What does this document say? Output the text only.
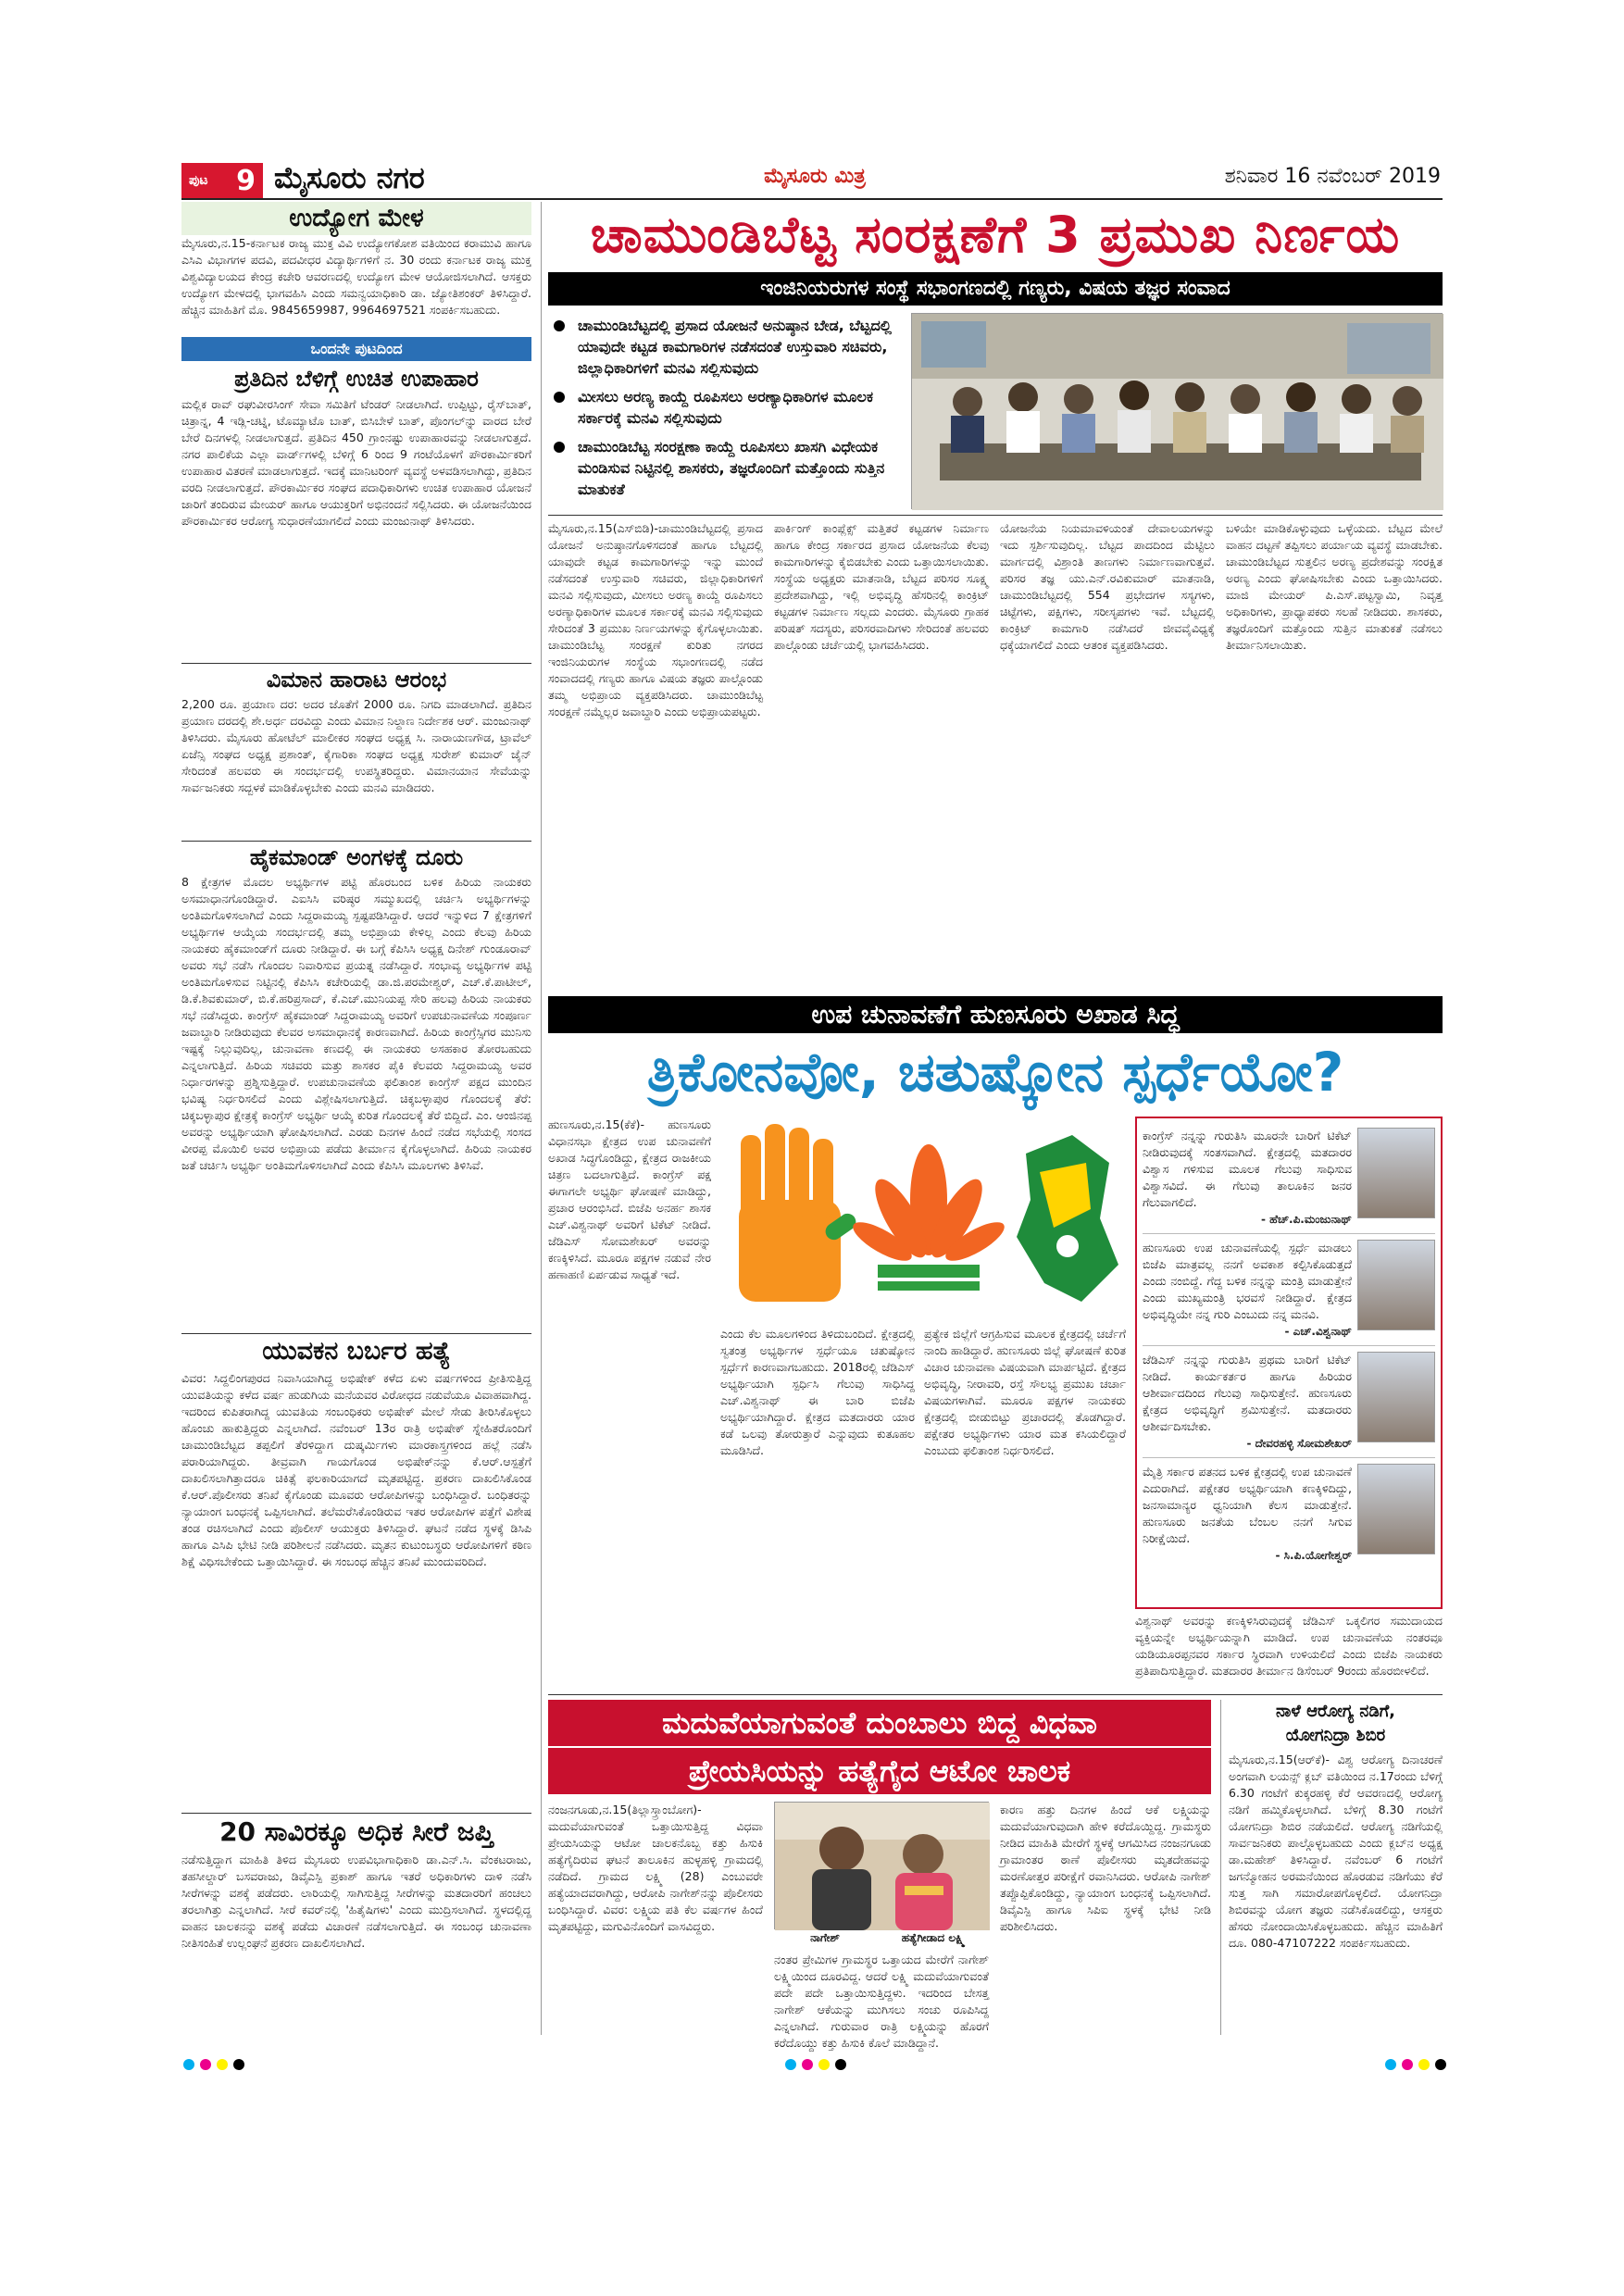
ಪುಟ 9 ಮೈಸೂರು ನಗರ	ಮೈಸೂರು ಮಿತ್ರ	ಶನಿವಾರ 16 ನವೆಂಬರ್ 2019
ಉದ್ಯೋಗ ಮೇಳ
ಮೈಸೂರು,ನ.15-ಕರ್ನಾಟಕ ರಾಜ್ಯ ಮುಕ್ತ ವಿವಿ ಉದ್ಯೋಗಕೋಶ ವತಿಯಿಂದ ಕರಾಮುವಿ ಹಾಗೂ ಎಸಿಎ ವಿಭಾಗಗಳ ಪದವಿ, ಪದವೀಧರ ವಿದ್ಯಾರ್ಥಿಗಳಿಗೆ ನ. 30 ರಂದು ಕರ್ನಾಟಕ ರಾಜ್ಯ ಮುಕ್ತ ವಿಶ್ವವಿದ್ಯಾಲಯದ ಕೇಂದ್ರ ಕಚೇರಿ ಆವರಣದಲ್ಲಿ ಉದ್ಯೋಗ ಮೇಳ ಆಯೋಜಿಸಲಾಗಿದೆ. ಆಸಕ್ತರು ಉದ್ಯೋಗ ಮೇಳದಲ್ಲಿ ಭಾಗವಹಿಸಿ ಎಂದು ಸಮನ್ವಯಾಧಿಕಾರಿ ಡಾ. ಜ್ಯೋತಿಶಂಕರ್ ತಿಳಿಸಿದ್ದಾರೆ. ಹೆಚ್ಚಿನ ಮಾಹಿತಿಗೆ ಮೊ. 9845659987, 9964697521 ಸಂಪರ್ಕಿಸಬಹುದು.
ಒಂದನೇ ಪುಟದಿಂದ
ಪ್ರತಿದಿನ ಬೆಳಿಗ್ಗೆ ಉಚಿತ ಉಪಾಹಾರ
ಮಲ್ಲಿಕ ರಾವ್ ರಘುವೀರಸಿಂಗ್ ಸೇವಾ ಸಮಿತಿಗೆ ಟೆಂಡರ್ ನೀಡಲಾಗಿದೆ. ಉಪ್ಪಿಟ್ಟು, ರೈಸ್‌ಬಾತ್, ಚಿತ್ರಾನ್ನ, 4 ಇಡ್ಲಿ-ಚಟ್ನಿ, ಟೊಮ್ಯಾಟೊ ಬಾತ್, ಬಿಸಿಬೇಳೆ ಬಾತ್, ಪೊಂಗಲ್‌ನ್ನು ವಾರದ ಬೇರೆ ಬೇರೆ ದಿನಗಳಲ್ಲಿ ನೀಡಲಾಗುತ್ತದೆ. ಪ್ರತಿದಿನ 450 ಗ್ರಾಂನಷ್ಟು ಉಪಾಹಾರವನ್ನು ನೀಡಲಾಗುತ್ತದೆ. ನಗರ ಪಾಲಿಕೆಯ ಎಲ್ಲಾ ವಾರ್ಡ್‌ಗಳಲ್ಲಿ ಬೆಳಿಗ್ಗೆ 6 ರಿಂದ 9 ಗಂಟೆಯೊಳಗೆ ಪೌರಕಾರ್ಮಿಕರಿಗೆ ಉಪಾಹಾರ ವಿತರಣೆ ಮಾಡಲಾಗುತ್ತದೆ. ಇದಕ್ಕೆ ಮಾನಿಟರಿಂಗ್ ವ್ಯವಸ್ಥೆ ಅಳವಡಿಸಲಾಗಿದ್ದು, ಪ್ರತಿದಿನ ವರದಿ ನೀಡಲಾಗುತ್ತದೆ. ಪೌರಕಾರ್ಮಿಕರ ಸಂಘದ ಪದಾಧಿಕಾರಿಗಳು ಉಚಿತ ಉಪಾಹಾರ ಯೋಜನೆ ಜಾರಿಗೆ ತಂದಿರುವ ಮೇಯರ್ ಹಾಗೂ ಆಯುಕ್ತರಿಗೆ ಅಭಿನಂದನೆ ಸಲ್ಲಿಸಿದರು. ಈ ಯೋಜನೆಯಿಂದ ಪೌರಕಾರ್ಮಿಕರ ಆರೋಗ್ಯ ಸುಧಾರಣೆಯಾಗಲಿದೆ ಎಂದು ಮಂಜುನಾಥ್ ತಿಳಿಸಿದರು.
ವಿಮಾನ ಹಾರಾಟ ಆರಂಭ
2,200 ರೂ. ಪ್ರಯಾಣ ದರ: ಅದರ ಜೊತೆಗೆ 2000 ರೂ. ನಿಗದಿ ಮಾಡಲಾಗಿದೆ. ಪ್ರತಿದಿನ ಪ್ರಯಾಣ ದರದಲ್ಲಿ ಶೇ.ಅರ್ಧ ದರವಿದ್ದು ಎಂದು ವಿಮಾನ ನಿಲ್ದಾಣ ನಿರ್ದೇಶಕ ಆರ್. ಮಂಜುನಾಥ್ ತಿಳಿಸಿದರು. ಮೈಸೂರು ಹೋಟೆಲ್ ಮಾಲೀಕರ ಸಂಘದ ಅಧ್ಯಕ್ಷ ಸಿ. ನಾರಾಯಣಗೌಡ, ಟ್ರಾವೆಲ್ ಏಜೆನ್ಸಿ ಸಂಘದ ಅಧ್ಯಕ್ಷ ಪ್ರಶಾಂತ್, ಕೈಗಾರಿಕಾ ಸಂಘದ ಅಧ್ಯಕ್ಷ ಸುರೇಶ್ ಕುಮಾರ್ ಜೈನ್ ಸೇರಿದಂತೆ ಹಲವರು ಈ ಸಂದರ್ಭದಲ್ಲಿ ಉಪಸ್ಥಿತರಿದ್ದರು. ವಿಮಾನಯಾನ ಸೇವೆಯನ್ನು ಸಾರ್ವಜನಿಕರು ಸದ್ಬಳಕೆ ಮಾಡಿಕೊಳ್ಳಬೇಕು ಎಂದು ಮನವಿ ಮಾಡಿದರು.
ಹೈಕಮಾಂಡ್ ಅಂಗಳಕ್ಕೆ ದೂರು
8 ಕ್ಷೇತ್ರಗಳ ಮೊದಲ ಅಭ್ಯರ್ಥಿಗಳ ಪಟ್ಟಿ ಹೊರಬಂದ ಬಳಿಕ ಹಿರಿಯ ನಾಯಕರು ಅಸಮಾಧಾನಗೊಂಡಿದ್ದಾರೆ. ಎಐಸಿಸಿ ವರಿಷ್ಠರ ಸಮ್ಮುಖದಲ್ಲಿ ಚರ್ಚಿಸಿ ಅಭ್ಯರ್ಥಿಗಳನ್ನು ಅಂತಿಮಗೊಳಿಸಲಾಗಿದೆ ಎಂದು ಸಿದ್ದರಾಮಯ್ಯ ಸ್ಪಷ್ಟಪಡಿಸಿದ್ದಾರೆ. ಆದರೆ ಇನ್ನುಳಿದ 7 ಕ್ಷೇತ್ರಗಳಿಗೆ ಅಭ್ಯರ್ಥಿಗಳ ಆಯ್ಕೆಯ ಸಂದರ್ಭದಲ್ಲಿ ತಮ್ಮ ಅಭಿಪ್ರಾಯ ಕೇಳಿಲ್ಲ ಎಂದು ಕೆಲವು ಹಿರಿಯ ನಾಯಕರು ಹೈಕಮಾಂಡ್‌ಗೆ ದೂರು ನೀಡಿದ್ದಾರೆ. ಈ ಬಗ್ಗೆ ಕೆಪಿಸಿಸಿ ಅಧ್ಯಕ್ಷ ದಿನೇಶ್ ಗುಂಡೂರಾವ್ ಅವರು ಸಭೆ ನಡೆಸಿ ಗೊಂದಲ ನಿವಾರಿಸುವ ಪ್ರಯತ್ನ ನಡೆಸಿದ್ದಾರೆ. ಸಂಭಾವ್ಯ ಅಭ್ಯರ್ಥಿಗಳ ಪಟ್ಟಿ ಅಂತಿಮಗೊಳಿಸುವ ನಿಟ್ಟಿನಲ್ಲಿ ಕೆಪಿಸಿಸಿ ಕಚೇರಿಯಲ್ಲಿ ಡಾ.ಜಿ.ಪರಮೇಶ್ವರ್, ಎಚ್.ಕೆ.ಪಾಟೀಲ್, ಡಿ.ಕೆ.ಶಿವಕುಮಾರ್, ಬಿ.ಕೆ.ಹರಿಪ್ರಸಾದ್, ಕೆ.ಎಚ್.ಮುನಿಯಪ್ಪ ಸೇರಿ ಹಲವು ಹಿರಿಯ ನಾಯಕರು ಸಭೆ ನಡೆಸಿದ್ದರು. ಕಾಂಗ್ರೆಸ್ ಹೈಕಮಾಂಡ್ ಸಿದ್ದರಾಮಯ್ಯ ಅವರಿಗೆ ಉಪಚುನಾವಣೆಯ ಸಂಪೂರ್ಣ ಜವಾಬ್ದಾರಿ ನೀಡಿರುವುದು ಕೆಲವರ ಅಸಮಾಧಾನಕ್ಕೆ ಕಾರಣವಾಗಿದೆ. ಹಿರಿಯ ಕಾಂಗ್ರೆಸ್ಸಿಗರ ಮುನಿಸು ಇಷ್ಟಕ್ಕೆ ನಿಲ್ಲುವುದಿಲ್ಲ, ಚುನಾವಣಾ ಕಣದಲ್ಲಿ ಈ ನಾಯಕರು ಅಸಹಕಾರ ತೋರಬಹುದು ಎನ್ನಲಾಗುತ್ತಿದೆ. ಹಿರಿಯ ಸಚಿವರು ಮತ್ತು ಶಾಸಕರ ಪೈಕಿ ಕೆಲವರು ಸಿದ್ದರಾಮಯ್ಯ ಅವರ ನಿರ್ಧಾರಗಳನ್ನು ಪ್ರಶ್ನಿಸುತ್ತಿದ್ದಾರೆ. ಉಪಚುನಾವಣೆಯ ಫಲಿತಾಂಶ ಕಾಂಗ್ರೆಸ್ ಪಕ್ಷದ ಮುಂದಿನ ಭವಿಷ್ಯ ನಿರ್ಧರಿಸಲಿದೆ ಎಂದು ವಿಶ್ಲೇಷಿಸಲಾಗುತ್ತಿದೆ. ಚಿಕ್ಕಬಳ್ಳಾಪುರ ಗೊಂದಲಕ್ಕೆ ತೆರೆ: ಚಿಕ್ಕಬಳ್ಳಾಪುರ ಕ್ಷೇತ್ರಕ್ಕೆ ಕಾಂಗ್ರೆಸ್ ಅಭ್ಯರ್ಥಿ ಆಯ್ಕೆ ಕುರಿತ ಗೊಂದಲಕ್ಕೆ ತೆರೆ ಬಿದ್ದಿದೆ. ಎಂ. ಆಂಜಿನಪ್ಪ ಅವರನ್ನು ಅಭ್ಯರ್ಥಿಯಾಗಿ ಘೋಷಿಸಲಾಗಿದೆ. ಎರಡು ದಿನಗಳ ಹಿಂದೆ ನಡೆದ ಸಭೆಯಲ್ಲಿ ಸಂಸದ ವೀರಪ್ಪ ಮೊಯಿಲಿ ಅವರ ಅಭಿಪ್ರಾಯ ಪಡೆದು ತೀರ್ಮಾನ ಕೈಗೊಳ್ಳಲಾಗಿದೆ. ಹಿರಿಯ ನಾಯಕರ ಜತೆ ಚರ್ಚಿಸಿ ಅಭ್ಯರ್ಥಿ ಅಂತಿಮಗೊಳಿಸಲಾಗಿದೆ ಎಂದು ಕೆಪಿಸಿಸಿ ಮೂಲಗಳು ತಿಳಿಸಿವೆ.
ಯುವಕನ ಬರ್ಬರ ಹತ್ಯೆ
ವಿವರ: ಸಿದ್ದಲಿಂಗಪುರದ ನಿವಾಸಿಯಾಗಿದ್ದ ಅಭಿಷೇಕ್ ಕಳೆದ ಏಳು ವರ್ಷಗಳಿಂದ ಪ್ರೀತಿಸುತ್ತಿದ್ದ ಯುವತಿಯನ್ನು ಕಳೆದ ವರ್ಷ ಹುಡುಗಿಯ ಮನೆಯವರ ವಿರೋಧದ ನಡುವೆಯೂ ವಿವಾಹವಾಗಿದ್ದ. ಇದರಿಂದ ಕುಪಿತರಾಗಿದ್ದ ಯುವತಿಯ ಸಂಬಂಧಿಕರು ಅಭಿಷೇಕ್ ಮೇಲೆ ಸೇಡು ತೀರಿಸಿಕೊಳ್ಳಲು ಹೊಂಚು ಹಾಕುತ್ತಿದ್ದರು ಎನ್ನಲಾಗಿದೆ. ನವೆಂಬರ್ 13ರ ರಾತ್ರಿ ಅಭಿಷೇಕ್ ಸ್ನೇಹಿತರೊಂದಿಗೆ ಚಾಮುಂಡಿಬೆಟ್ಟದ ತಪ್ಪಲಿಗೆ ತೆರಳಿದ್ದಾಗ ದುಷ್ಕರ್ಮಿಗಳು ಮಾರಕಾಸ್ತ್ರಗಳಿಂದ ಹಲ್ಲೆ ನಡೆಸಿ ಪರಾರಿಯಾಗಿದ್ದರು. ತೀವ್ರವಾಗಿ ಗಾಯಗೊಂಡ ಅಭಿಷೇಕ್‌ನನ್ನು ಕೆ.ಆರ್.ಆಸ್ಪತ್ರೆಗೆ ದಾಖಲಿಸಲಾಗಿತ್ತಾದರೂ ಚಿಕಿತ್ಸೆ ಫಲಕಾರಿಯಾಗದೆ ಮೃತಪಟ್ಟಿದ್ದ. ಪ್ರಕರಣ ದಾಖಲಿಸಿಕೊಂಡ ಕೆ.ಆರ್.ಪೊಲೀಸರು ತನಿಖೆ ಕೈಗೊಂಡು ಮೂವರು ಆರೋಪಿಗಳನ್ನು ಬಂಧಿಸಿದ್ದಾರೆ. ಬಂಧಿತರನ್ನು ನ್ಯಾಯಾಂಗ ಬಂಧನಕ್ಕೆ ಒಪ್ಪಿಸಲಾಗಿದೆ. ತಲೆಮರೆಸಿಕೊಂಡಿರುವ ಇತರ ಆರೋಪಿಗಳ ಪತ್ತೆಗೆ ವಿಶೇಷ ತಂಡ ರಚಿಸಲಾಗಿದೆ ಎಂದು ಪೊಲೀಸ್ ಆಯುಕ್ತರು ತಿಳಿಸಿದ್ದಾರೆ. ಘಟನೆ ನಡೆದ ಸ್ಥಳಕ್ಕೆ ಡಿಸಿಪಿ ಹಾಗೂ ಎಸಿಪಿ ಭೇಟಿ ನೀಡಿ ಪರಿಶೀಲನೆ ನಡೆಸಿದರು. ಮೃತನ ಕುಟುಂಬಸ್ಥರು ಆರೋಪಿಗಳಿಗೆ ಕಠಿಣ ಶಿಕ್ಷೆ ವಿಧಿಸಬೇಕೆಂದು ಒತ್ತಾಯಿಸಿದ್ದಾರೆ. ಈ ಸಂಬಂಧ ಹೆಚ್ಚಿನ ತನಿಖೆ ಮುಂದುವರಿದಿದೆ.
20 ಸಾವಿರಕ್ಕೂ ಅಧಿಕ ಸೀರೆ ಜಪ್ತಿ
ನಡೆಸುತ್ತಿದ್ದಾಗ ಮಾಹಿತಿ ತಿಳಿದ ಮೈಸೂರು ಉಪವಿಭಾಗಾಧಿಕಾರಿ ಡಾ.ಎನ್.ಸಿ. ವೆಂಕಟರಾಜು, ತಹಸೀಲ್ದಾರ್ ಬಸವರಾಜು, ಡಿವೈಎಸ್ಪಿ ಪ್ರಕಾಶ್ ಹಾಗೂ ಇತರೆ ಅಧಿಕಾರಿಗಳು ದಾಳಿ ನಡೆಸಿ ಸೀರೆಗಳನ್ನು ವಶಕ್ಕೆ ಪಡೆದರು. ಲಾರಿಯಲ್ಲಿ ಸಾಗಿಸುತ್ತಿದ್ದ ಸೀರೆಗಳನ್ನು ಮತದಾರರಿಗೆ ಹಂಚಲು ತರಲಾಗಿತ್ತು ಎನ್ನಲಾಗಿದೆ. ಸೀರೆ ಕವರ್‌ನಲ್ಲಿ 'ಹಿತೈಷಿಗಳು' ಎಂದು ಮುದ್ರಿಸಲಾಗಿದೆ. ಸ್ಥಳದಲ್ಲಿದ್ದ ವಾಹನ ಚಾಲಕನನ್ನು ವಶಕ್ಕೆ ಪಡೆದು ವಿಚಾರಣೆ ನಡೆಸಲಾಗುತ್ತಿದೆ. ಈ ಸಂಬಂಧ ಚುನಾವಣಾ ನೀತಿಸಂಹಿತೆ ಉಲ್ಲಂಘನೆ ಪ್ರಕರಣ ದಾಖಲಿಸಲಾಗಿದೆ.
ಚಾಮುಂಡಿಬೆಟ್ಟ ಸಂರಕ್ಷಣೆಗೆ 3 ಪ್ರಮುಖ ನಿರ್ಣಯ
ಇಂಜಿನಿಯರುಗಳ ಸಂಸ್ಥೆ ಸಭಾಂಗಣದಲ್ಲಿ ಗಣ್ಯರು, ವಿಷಯ ತಜ್ಞರ ಸಂವಾದ
ಚಾಮುಂಡಿಬೆಟ್ಟದಲ್ಲಿ ಪ್ರಸಾದ ಯೋಜನೆ ಅನುಷ್ಠಾನ ಬೇಡ, ಬೆಟ್ಟದಲ್ಲಿ ಯಾವುದೇ ಕಟ್ಟಡ ಕಾಮಗಾರಿಗಳ ನಡೆಸದಂತೆ ಉಸ್ತುವಾರಿ ಸಚಿವರು, ಜಿಲ್ಲಾಧಿಕಾರಿಗಳಿಗೆ ಮನವಿ ಸಲ್ಲಿಸುವುದು
ಮೀಸಲು ಅರಣ್ಯ ಕಾಯ್ದೆ ರೂಪಿಸಲು ಅರಣ್ಯಾಧಿಕಾರಿಗಳ ಮೂಲಕ ಸರ್ಕಾರಕ್ಕೆ ಮನವಿ ಸಲ್ಲಿಸುವುದು
ಚಾಮುಂಡಿಬೆಟ್ಟ ಸಂರಕ್ಷಣಾ ಕಾಯ್ದೆ ರೂಪಿಸಲು ಖಾಸಗಿ ವಿಧೇಯಕ ಮಂಡಿಸುವ ನಿಟ್ಟಿನಲ್ಲಿ ಶಾಸಕರು, ತಜ್ಞರೊಂದಿಗೆ ಮತ್ತೊಂದು ಸುತ್ತಿನ ಮಾತುಕತೆ
ಮೈಸೂರು,ನ.15(ಎಸ್‌ಬಿಡಿ)-ಚಾಮುಂಡಿಬೆಟ್ಟದಲ್ಲಿ ಪ್ರಸಾದ ಯೋಜನೆ ಅನುಷ್ಠಾನಗೊಳಿಸದಂತೆ ಹಾಗೂ ಬೆಟ್ಟದಲ್ಲಿ ಯಾವುದೇ ಕಟ್ಟಡ ಕಾಮಗಾರಿಗಳನ್ನು ಇನ್ನು ಮುಂದೆ ನಡೆಸದಂತೆ ಉಸ್ತುವಾರಿ ಸಚಿವರು, ಜಿಲ್ಲಾಧಿಕಾರಿಗಳಿಗೆ ಮನವಿ ಸಲ್ಲಿಸುವುದು, ಮೀಸಲು ಅರಣ್ಯ ಕಾಯ್ದೆ ರೂಪಿಸಲು ಅರಣ್ಯಾಧಿಕಾರಿಗಳ ಮೂಲಕ ಸರ್ಕಾರಕ್ಕೆ ಮನವಿ ಸಲ್ಲಿಸುವುದು ಸೇರಿದಂತೆ 3 ಪ್ರಮುಖ ನಿರ್ಣಯಗಳನ್ನು ಕೈಗೊಳ್ಳಲಾಯಿತು. ಚಾಮುಂಡಿಬೆಟ್ಟ ಸಂರಕ್ಷಣೆ ಕುರಿತು ನಗರದ ಇಂಜಿನಿಯರುಗಳ ಸಂಸ್ಥೆಯ ಸಭಾಂಗಣದಲ್ಲಿ ನಡೆದ ಸಂವಾದದಲ್ಲಿ ಗಣ್ಯರು ಹಾಗೂ ವಿಷಯ ತಜ್ಞರು ಪಾಲ್ಗೊಂಡು ತಮ್ಮ ಅಭಿಪ್ರಾಯ ವ್ಯಕ್ತಪಡಿಸಿದರು. ಚಾಮುಂಡಿಬೆಟ್ಟ ಸಂರಕ್ಷಣೆ ನಮ್ಮೆಲ್ಲರ ಜವಾಬ್ದಾರಿ ಎಂದು ಅಭಿಪ್ರಾಯಪಟ್ಟರು.
ಪಾರ್ಕಿಂಗ್ ಕಾಂಪ್ಲೆಕ್ಸ್ ಮತ್ತಿತರೆ ಕಟ್ಟಡಗಳ ನಿರ್ಮಾಣ ಹಾಗೂ ಕೇಂದ್ರ ಸರ್ಕಾರದ ಪ್ರಸಾದ ಯೋಜನೆಯ ಕೆಲವು ಕಾಮಗಾರಿಗಳನ್ನು ಕೈಬಿಡಬೇಕು ಎಂದು ಒತ್ತಾಯಿಸಲಾಯಿತು. ಸಂಸ್ಥೆಯ ಅಧ್ಯಕ್ಷರು ಮಾತನಾಡಿ, ಬೆಟ್ಟದ ಪರಿಸರ ಸೂಕ್ಷ್ಮ ಪ್ರದೇಶವಾಗಿದ್ದು, ಇಲ್ಲಿ ಅಭಿವೃದ್ಧಿ ಹೆಸರಿನಲ್ಲಿ ಕಾಂಕ್ರಿಟ್ ಕಟ್ಟಡಗಳ ನಿರ್ಮಾಣ ಸಲ್ಲದು ಎಂದರು. ಮೈಸೂರು ಗ್ರಾಹಕ ಪರಿಷತ್ ಸದಸ್ಯರು, ಪರಿಸರವಾದಿಗಳು ಸೇರಿದಂತೆ ಹಲವರು ಪಾಲ್ಗೊಂಡು ಚರ್ಚೆಯಲ್ಲಿ ಭಾಗವಹಿಸಿದರು.
ಯೋಜನೆಯ ನಿಯಮಾವಳಿಯಂತೆ ದೇವಾಲಯಗಳನ್ನು ಇದು ಸ್ಪರ್ಶಿಸುವುದಿಲ್ಲ. ಬೆಟ್ಟದ ಪಾದದಿಂದ ಮೆಟ್ಟಿಲು ಮಾರ್ಗದಲ್ಲಿ ವಿಶ್ರಾಂತಿ ತಾಣಗಳು ನಿರ್ಮಾಣವಾಗುತ್ತವೆ. ಪರಿಸರ ತಜ್ಞ ಯು.ಎನ್.ರವಿಕುಮಾರ್ ಮಾತನಾಡಿ, ಚಾಮುಂಡಿಬೆಟ್ಟದಲ್ಲಿ 554 ಪ್ರಭೇದಗಳ ಸಸ್ಯಗಳು, ಚಿಟ್ಟೆಗಳು, ಪಕ್ಷಿಗಳು, ಸರೀಸೃಪಗಳು ಇವೆ. ಬೆಟ್ಟದಲ್ಲಿ ಕಾಂಕ್ರಿಟ್ ಕಾಮಗಾರಿ ನಡೆಸಿದರೆ ಜೀವವೈವಿಧ್ಯಕ್ಕೆ ಧಕ್ಕೆಯಾಗಲಿದೆ ಎಂದು ಆತಂಕ ವ್ಯಕ್ತಪಡಿಸಿದರು.
ಬಳಿಯೇ ಮಾಡಿಕೊಳ್ಳುವುದು ಒಳ್ಳೆಯದು. ಬೆಟ್ಟದ ಮೇಲೆ ವಾಹನ ದಟ್ಟಣೆ ತಪ್ಪಿಸಲು ಪರ್ಯಾಯ ವ್ಯವಸ್ಥೆ ಮಾಡಬೇಕು. ಚಾಮುಂಡಿಬೆಟ್ಟದ ಸುತ್ತಲಿನ ಅರಣ್ಯ ಪ್ರದೇಶವನ್ನು ಸಂರಕ್ಷಿತ ಅರಣ್ಯ ಎಂದು ಘೋಷಿಸಬೇಕು ಎಂದು ಒತ್ತಾಯಿಸಿದರು. ಮಾಜಿ ಮೇಯರ್ ಪಿ.ಎಸ್.ಪಟ್ಟಸ್ವಾಮಿ, ನಿವೃತ್ತ ಅಧಿಕಾರಿಗಳು, ಪ್ರಾಧ್ಯಾಪಕರು ಸಲಹೆ ನೀಡಿದರು. ಶಾಸಕರು, ತಜ್ಞರೊಂದಿಗೆ ಮತ್ತೊಂದು ಸುತ್ತಿನ ಮಾತುಕತೆ ನಡೆಸಲು ತೀರ್ಮಾನಿಸಲಾಯಿತು.
ಉಪ ಚುನಾವಣೆಗೆ ಹುಣಸೂರು ಅಖಾಡ ಸಿದ್ಧ
ತ್ರಿಕೋನವೋ, ಚತುಷ್ಕೋನ ಸ್ಪರ್ಧೆಯೋ?
ಹುಣಸೂರು,ನ.15(ಕೆಕೆ)- ಹುಣಸೂರು ವಿಧಾನಸಭಾ ಕ್ಷೇತ್ರದ ಉಪ ಚುನಾವಣೆಗೆ ಅಖಾಡ ಸಿದ್ಧಗೊಂಡಿದ್ದು, ಕ್ಷೇತ್ರದ ರಾಜಕೀಯ ಚಿತ್ರಣ ಬದಲಾಗುತ್ತಿದೆ. ಕಾಂಗ್ರೆಸ್ ಪಕ್ಷ ಈಗಾಗಲೇ ಅಭ್ಯರ್ಥಿ ಘೋಷಣೆ ಮಾಡಿದ್ದು, ಪ್ರಚಾರ ಆರಂಭಿಸಿದೆ. ಬಿಜೆಪಿ ಅನರ್ಹ ಶಾಸಕ ಎಚ್.ವಿಶ್ವನಾಥ್ ಅವರಿಗೆ ಟಿಕೆಟ್ ನೀಡಿದೆ. ಜೆಡಿಎಸ್ ಸೋಮಶೇಖರ್ ಅವರನ್ನು ಕಣಕ್ಕಿಳಿಸಿದೆ. ಮೂರೂ ಪಕ್ಷಗಳ ನಡುವೆ ನೇರ ಹಣಾಹಣಿ ಏರ್ಪಡುವ ಸಾಧ್ಯತೆ ಇದೆ.
ಎಂದು ಕೆಲ ಮೂಲಗಳಿಂದ ತಿಳಿದುಬಂದಿದೆ. ಕ್ಷೇತ್ರದಲ್ಲಿ ಸ್ವತಂತ್ರ ಅಭ್ಯರ್ಥಿಗಳ ಸ್ಪರ್ಧೆಯೂ ಚತುಷ್ಕೋನ ಸ್ಪರ್ಧೆಗೆ ಕಾರಣವಾಗಬಹುದು. 2018ರಲ್ಲಿ ಜೆಡಿಎಸ್ ಅಭ್ಯರ್ಥಿಯಾಗಿ ಸ್ಪರ್ಧಿಸಿ ಗೆಲುವು ಸಾಧಿಸಿದ್ದ ಎಚ್.ವಿಶ್ವನಾಥ್ ಈ ಬಾರಿ ಬಿಜೆಪಿ ಅಭ್ಯರ್ಥಿಯಾಗಿದ್ದಾರೆ. ಕ್ಷೇತ್ರದ ಮತದಾರರು ಯಾರ ಕಡೆ ಒಲವು ತೋರುತ್ತಾರೆ ಎನ್ನುವುದು ಕುತೂಹಲ ಮೂಡಿಸಿದೆ.
ಪ್ರತ್ಯೇಕ ಜಿಲ್ಲೆಗೆ ಆಗ್ರಹಿಸುವ ಮೂಲಕ ಕ್ಷೇತ್ರದಲ್ಲಿ ಚರ್ಚೆಗೆ ನಾಂದಿ ಹಾಡಿದ್ದಾರೆ. ಹುಣಸೂರು ಜಿಲ್ಲೆ ಘೋಷಣೆ ಕುರಿತ ವಿಚಾರ ಚುನಾವಣಾ ವಿಷಯವಾಗಿ ಮಾರ್ಪಟ್ಟಿದೆ. ಕ್ಷೇತ್ರದ ಅಭಿವೃದ್ಧಿ, ನೀರಾವರಿ, ರಸ್ತೆ ಸೌಲಭ್ಯ ಪ್ರಮುಖ ಚರ್ಚಾ ವಿಷಯಗಳಾಗಿವೆ. ಮೂರೂ ಪಕ್ಷಗಳ ನಾಯಕರು ಕ್ಷೇತ್ರದಲ್ಲಿ ಬೀಡುಬಿಟ್ಟು ಪ್ರಚಾರದಲ್ಲಿ ತೊಡಗಿದ್ದಾರೆ. ಪಕ್ಷೇತರ ಅಭ್ಯರ್ಥಿಗಳು ಯಾರ ಮತ ಕಸಿಯಲಿದ್ದಾರೆ ಎಂಬುದು ಫಲಿತಾಂಶ ನಿರ್ಧರಿಸಲಿದೆ.
ಕಾಂಗ್ರೆಸ್ ನನ್ನನ್ನು ಗುರುತಿಸಿ ಮೂರನೇ ಬಾರಿಗೆ ಟಿಕೆಟ್ ನೀಡಿರುವುದಕ್ಕೆ ಸಂತಸವಾಗಿದೆ. ಕ್ಷೇತ್ರದಲ್ಲಿ ಮತದಾರರ ವಿಶ್ವಾಸ ಗಳಿಸುವ ಮೂಲಕ ಗೆಲುವು ಸಾಧಿಸುವ ವಿಶ್ವಾಸವಿದೆ. ಈ ಗೆಲುವು ತಾಲೂಕಿನ ಜನರ ಗೆಲುವಾಗಲಿದೆ.
- ಹೆಚ್.ಪಿ.ಮಂಜುನಾಥ್
ಹುಣಸೂರು ಉಪ ಚುನಾವಣೆಯಲ್ಲಿ ಸ್ಪರ್ಧೆ ಮಾಡಲು ಬಿಜೆಪಿ ಮಾತ್ರವಲ್ಲ ನನಗೆ ಅವಕಾಶ ಕಲ್ಪಿಸಿಕೊಡುತ್ತದೆ ಎಂದು ನಂಬಿದ್ದೆ. ಗೆದ್ದ ಬಳಿಕ ನನ್ನನ್ನು ಮಂತ್ರಿ ಮಾಡುತ್ತೇನೆ ಎಂದು ಮುಖ್ಯಮಂತ್ರಿ ಭರವಸೆ ನೀಡಿದ್ದಾರೆ. ಕ್ಷೇತ್ರದ ಅಭಿವೃದ್ಧಿಯೇ ನನ್ನ ಗುರಿ ಎಂಬುದು ನನ್ನ ಮನವಿ.
- ಎಚ್.ವಿಶ್ವನಾಥ್
ಜೆಡಿಎಸ್ ನನ್ನನ್ನು ಗುರುತಿಸಿ ಪ್ರಥಮ ಬಾರಿಗೆ ಟಿಕೆಟ್ ನೀಡಿದೆ. ಕಾರ್ಯಕರ್ತರ ಹಾಗೂ ಹಿರಿಯರ ಆಶೀರ್ವಾದದಿಂದ ಗೆಲುವು ಸಾಧಿಸುತ್ತೇನೆ. ಹುಣಸೂರು ಕ್ಷೇತ್ರದ ಅಭಿವೃದ್ಧಿಗೆ ಶ್ರಮಿಸುತ್ತೇನೆ. ಮತದಾರರು ಆಶೀರ್ವದಿಸಬೇಕು.
- ದೇವರಹಳ್ಳಿ ಸೋಮಶೇಖರ್
ಮೈತ್ರಿ ಸರ್ಕಾರ ಪತನದ ಬಳಿಕ ಕ್ಷೇತ್ರದಲ್ಲಿ ಉಪ ಚುನಾವಣೆ ಎದುರಾಗಿದೆ. ಪಕ್ಷೇತರ ಅಭ್ಯರ್ಥಿಯಾಗಿ ಕಣಕ್ಕಿಳಿದಿದ್ದು, ಜನಸಾಮಾನ್ಯರ ಧ್ವನಿಯಾಗಿ ಕೆಲಸ ಮಾಡುತ್ತೇನೆ. ಹುಣಸೂರು ಜನತೆಯ ಬೆಂಬಲ ನನಗೆ ಸಿಗುವ ನಿರೀಕ್ಷೆಯಿದೆ.
- ಸಿ.ಪಿ.ಯೋಗೇಶ್ವರ್
ವಿಶ್ವನಾಥ್ ಅವರನ್ನು ಕಣಕ್ಕಿಳಿಸಿರುವುದಕ್ಕೆ ಜೆಡಿಎಸ್ ಒಕ್ಕಲಿಗರ ಸಮುದಾಯದ ವ್ಯಕ್ತಿಯನ್ನೇ ಅಭ್ಯರ್ಥಿಯನ್ನಾಗಿ ಮಾಡಿದೆ. ಉಪ ಚುನಾವಣೆಯ ನಂತರವೂ ಯಡಿಯೂರಪ್ಪನವರ ಸರ್ಕಾರ ಸ್ಥಿರವಾಗಿ ಉಳಿಯಲಿದೆ ಎಂದು ಬಿಜೆಪಿ ನಾಯಕರು ಪ್ರತಿಪಾದಿಸುತ್ತಿದ್ದಾರೆ. ಮತದಾರರ ತೀರ್ಮಾನ ಡಿಸೆಂಬರ್ 9ರಂದು ಹೊರಬೀಳಲಿದೆ.
ಮದುವೆಯಾಗುವಂತೆ ದುಂಬಾಲು ಬಿದ್ದ ವಿಧವಾ
ಪ್ರೇಯಸಿಯನ್ನು ಹತ್ಯೆಗೈದ ಆಟೋ ಚಾಲಕ
ನಂಜನಗೂಡು,ನ.15(ತಿಲ್ಲಾಸ್ತ್ರಾಂಬೋಗ)-ಮದುವೆಯಾಗುವಂತೆ ಒತ್ತಾಯಿಸುತ್ತಿದ್ದ ವಿಧವಾ ಪ್ರೇಯಸಿಯನ್ನು ಆಟೋ ಚಾಲಕನೊಬ್ಬ ಕತ್ತು ಹಿಸುಕಿ ಹತ್ಯೆಗೈದಿರುವ ಘಟನೆ ತಾಲೂಕಿನ ಹುಳ್ಳಹಳ್ಳಿ ಗ್ರಾಮದಲ್ಲಿ ನಡೆದಿದೆ. ಗ್ರಾಮದ ಲಕ್ಷ್ಮಿ (28) ಎಂಬುವರೇ ಹತ್ಯೆಯಾದವರಾಗಿದ್ದು, ಆರೋಪಿ ನಾಗೇಶ್‌ನನ್ನು ಪೊಲೀಸರು ಬಂಧಿಸಿದ್ದಾರೆ. ವಿವರ: ಲಕ್ಷ್ಮಿಯ ಪತಿ ಕೆಲ ವರ್ಷಗಳ ಹಿಂದೆ ಮೃತಪಟ್ಟಿದ್ದು, ಮಗುವಿನೊಂದಿಗೆ ವಾಸವಿದ್ದರು.
ನಾಗೇಶ್	ಹತ್ಯೆಗೀಡಾದ ಲಕ್ಷ್ಮಿ
ನಂತರ ಪ್ರೇಮಿಗಳ ಗ್ರಾಮಸ್ಥರ ಒತ್ತಾಯದ ಮೇರೆಗೆ ನಾಗೇಶ್ ಲಕ್ಷ್ಮಿಯಿಂದ ದೂರವಿದ್ದ. ಆದರೆ ಲಕ್ಷ್ಮಿ ಮದುವೆಯಾಗುವಂತೆ ಪದೇ ಪದೇ ಒತ್ತಾಯಿಸುತ್ತಿದ್ದಳು. ಇದರಿಂದ ಬೇಸತ್ತ ನಾಗೇಶ್ ಆಕೆಯನ್ನು ಮುಗಿಸಲು ಸಂಚು ರೂಪಿಸಿದ್ದ ಎನ್ನಲಾಗಿದೆ. ಗುರುವಾರ ರಾತ್ರಿ ಲಕ್ಷ್ಮಿಯನ್ನು ಹೊರಗೆ ಕರೆದೊಯ್ದು ಕತ್ತು ಹಿಸುಕಿ ಕೊಲೆ ಮಾಡಿದ್ದಾನೆ.
ಕಾರಣ ಹತ್ತು ದಿನಗಳ ಹಿಂದೆ ಆಕೆ ಲಕ್ಷ್ಮಿಯನ್ನು ಮದುವೆಯಾಗುವುದಾಗಿ ಹೇಳಿ ಕರೆದೊಯ್ದಿದ್ದ. ಗ್ರಾಮಸ್ಥರು ನೀಡಿದ ಮಾಹಿತಿ ಮೇರೆಗೆ ಸ್ಥಳಕ್ಕೆ ಆಗಮಿಸಿದ ನಂಜನಗೂಡು ಗ್ರಾಮಾಂತರ ಠಾಣೆ ಪೊಲೀಸರು ಮೃತದೇಹವನ್ನು ಮರಣೋತ್ತರ ಪರೀಕ್ಷೆಗೆ ರವಾನಿಸಿದರು. ಆರೋಪಿ ನಾಗೇಶ್ ತಪ್ಪೊಪ್ಪಿಕೊಂಡಿದ್ದು, ನ್ಯಾಯಾಂಗ ಬಂಧನಕ್ಕೆ ಒಪ್ಪಿಸಲಾಗಿದೆ. ಡಿವೈಎಸ್ಪಿ ಹಾಗೂ ಸಿಪಿಐ ಸ್ಥಳಕ್ಕೆ ಭೇಟಿ ನೀಡಿ ಪರಿಶೀಲಿಸಿದರು.
ನಾಳೆ ಆರೋಗ್ಯ ನಡಿಗೆ,
ಯೋಗನಿದ್ರಾ ಶಿಬಿರ
ಮೈಸೂರು,ನ.15(ಆರ್‌ಕೆ)- ವಿಶ್ವ ಆರೋಗ್ಯ ದಿನಾಚರಣೆ ಅಂಗವಾಗಿ ಲಯನ್ಸ್ ಕ್ಲಬ್ ವತಿಯಿಂದ ನ.17ರಂದು ಬೆಳಿಗ್ಗೆ 6.30 ಗಂಟೆಗೆ ಕುಕ್ಕರಹಳ್ಳಿ ಕೆರೆ ಆವರಣದಲ್ಲಿ ಆರೋಗ್ಯ ನಡಿಗೆ ಹಮ್ಮಿಕೊಳ್ಳಲಾಗಿದೆ. ಬೆಳಿಗ್ಗೆ 8.30 ಗಂಟೆಗೆ ಯೋಗನಿದ್ರಾ ಶಿಬಿರ ನಡೆಯಲಿದೆ. ಆರೋಗ್ಯ ನಡಿಗೆಯಲ್ಲಿ ಸಾರ್ವಜನಿಕರು ಪಾಲ್ಗೊಳ್ಳಬಹುದು ಎಂದು ಕ್ಲಬ್‌ನ ಅಧ್ಯಕ್ಷ ಡಾ.ಮಹೇಶ್ ತಿಳಿಸಿದ್ದಾರೆ. ನವೆಂಬರ್ 6 ಗಂಟೆಗೆ ಜಗನ್ಮೋಹನ ಅರಮನೆಯಿಂದ ಹೊರಡುವ ನಡಿಗೆಯು ಕೆರೆ ಸುತ್ತ ಸಾಗಿ ಸಮಾರೋಪಗೊಳ್ಳಲಿದೆ. ಯೋಗನಿದ್ರಾ ಶಿಬಿರವನ್ನು ಯೋಗ ತಜ್ಞರು ನಡೆಸಿಕೊಡಲಿದ್ದು, ಆಸಕ್ತರು ಹೆಸರು ನೋಂದಾಯಿಸಿಕೊಳ್ಳಬಹುದು. ಹೆಚ್ಚಿನ ಮಾಹಿತಿಗೆ ದೂ. 080-47107222 ಸಂಪರ್ಕಿಸಬಹುದು.
